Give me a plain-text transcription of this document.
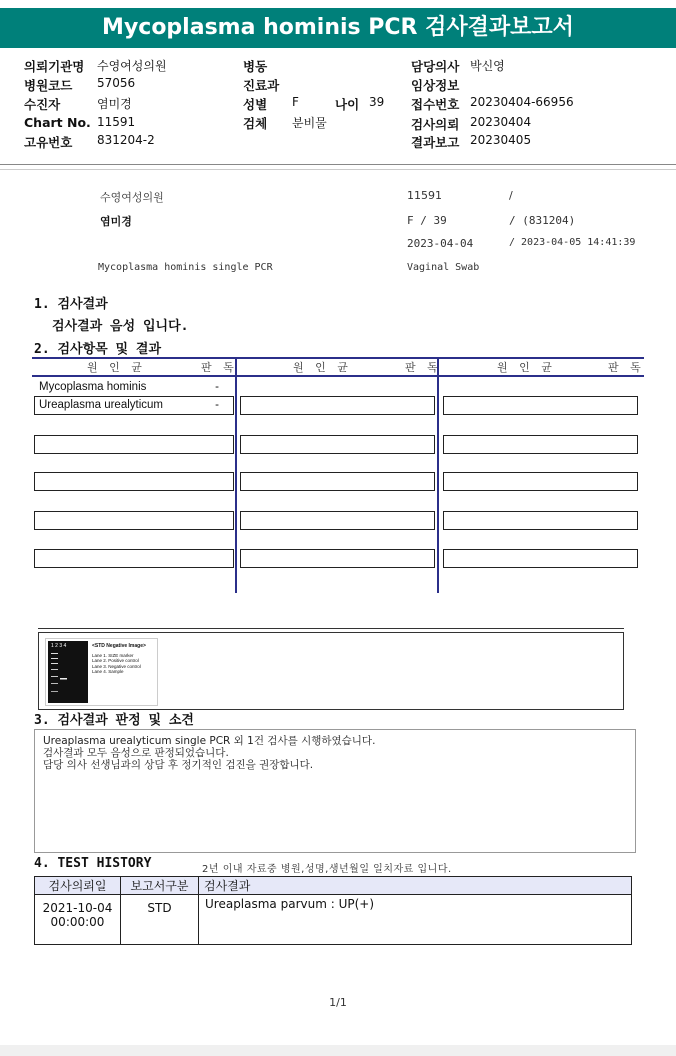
Mycoplasma hominis PCR 검사결과보고서
의뢰기관명 수영여성의원	병동	담당의사 박신영
병원코드 57056	진료과	임상정보
수진자	염미경	성별 F	나이 39 접수번호 20230404-66956
Chart No. 11591	검체 분비물	검사의뢰 20230404
고유번호 831204-2	결과보고 20230405
수영여성의원	11591	/
염미경	F / 39	/ (831204)
2023-04-04	/ 2023-04-05 14:41:39
Mycoplasma hominis single PCR	Vaginal Swab
1. 검사결과
검사결과 음성 입니다.
2. 검사항목 및 결과
원 인 균	판 독	원 인 균	판 독	원 인 균	판 독
Mycoplasma hominis	-
Ureaplasma urealyticum	-
1 2 3 4	<STD Negative Image>
Lane 1. SIZE marker
Lane 2. Positive control
Lane 3. Negative control
Lane 4. Sample
3. 검사결과 판정 및 소견
Ureaplasma urealyticum single PCR 외 1건 검사를 시행하였습니다.
검사결과 모두 음성으로 판정되었습니다.
담당 의사 선생님과의 상담 후 정기적인 검진을 권장합니다.
4. TEST HISTORY	2년 이내 자료중 병원,성명,생년월일 일치자료 입니다.
검사의뢰일	보고서구분	검사결과

2021-10-04
00:00:00	STD	Ureaplasma parvum : UP(+)
1/1
